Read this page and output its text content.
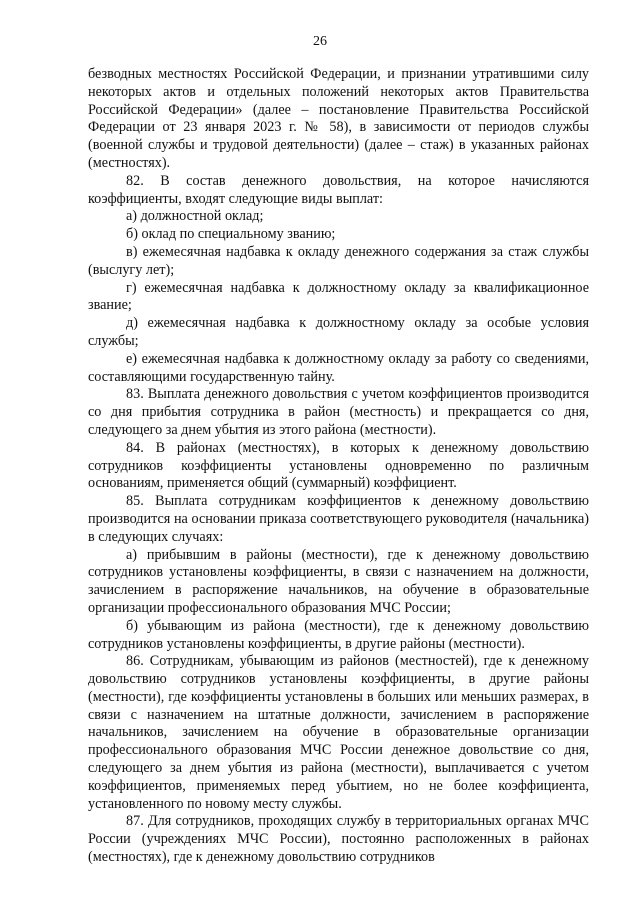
26

безводных местностях Российской Федерации, и признании утратившими силу некоторых актов и отдельных положений некоторых актов Правительства Российской Федерации» (далее – постановление Правительства Российской Федерации от 23 января 2023 г. № 58), в зависимости от периодов службы (военной службы и трудовой деятельности) (далее – стаж) в указанных районах (местностях).

82. В состав денежного довольствия, на которое начисляются коэффициенты, входят следующие виды выплат:

а) должностной оклад;

б) оклад по специальному званию;

в) ежемесячная надбавка к окладу денежного содержания за стаж службы (выслугу лет);

г) ежемесячная надбавка к должностному окладу за квалификационное звание;

д) ежемесячная надбавка к должностному окладу за особые условия службы;

е) ежемесячная надбавка к должностному окладу за работу со сведениями, составляющими государственную тайну.

83. Выплата денежного довольствия с учетом коэффициентов производится со дня прибытия сотрудника в район (местность) и прекращается со дня, следующего за днем убытия из этого района (местности).

84. В районах (местностях), в которых к денежному довольствию сотрудников коэффициенты установлены одновременно по различным основаниям, применяется общий (суммарный) коэффициент.

85. Выплата сотрудникам коэффициентов к денежному довольствию производится на основании приказа соответствующего руководителя (начальника) в следующих случаях:

а) прибывшим в районы (местности), где к денежному довольствию сотрудников установлены коэффициенты, в связи с назначением на должности, зачислением в распоряжение начальников, на обучение в образовательные организации профессионального образования МЧС России;

б) убывающим из района (местности), где к денежному довольствию сотрудников установлены коэффициенты, в другие районы (местности).

86. Сотрудникам, убывающим из районов (местностей), где к денежному довольствию сотрудников установлены коэффициенты, в другие районы (местности), где коэффициенты установлены в больших или меньших размерах, в связи с назначением на штатные должности, зачислением в распоряжение начальников, зачислением на обучение в образовательные организации профессионального образования МЧС России денежное довольствие со дня, следующего за днем убытия из района (местности), выплачивается с учетом коэффициентов, применяемых перед убытием, но не более коэффициента, установленного по новому месту службы.

87. Для сотрудников, проходящих службу в территориальных органах МЧС России (учреждениях МЧС России), постоянно расположенных в районах (местностях), где к денежному довольствию сотрудников
